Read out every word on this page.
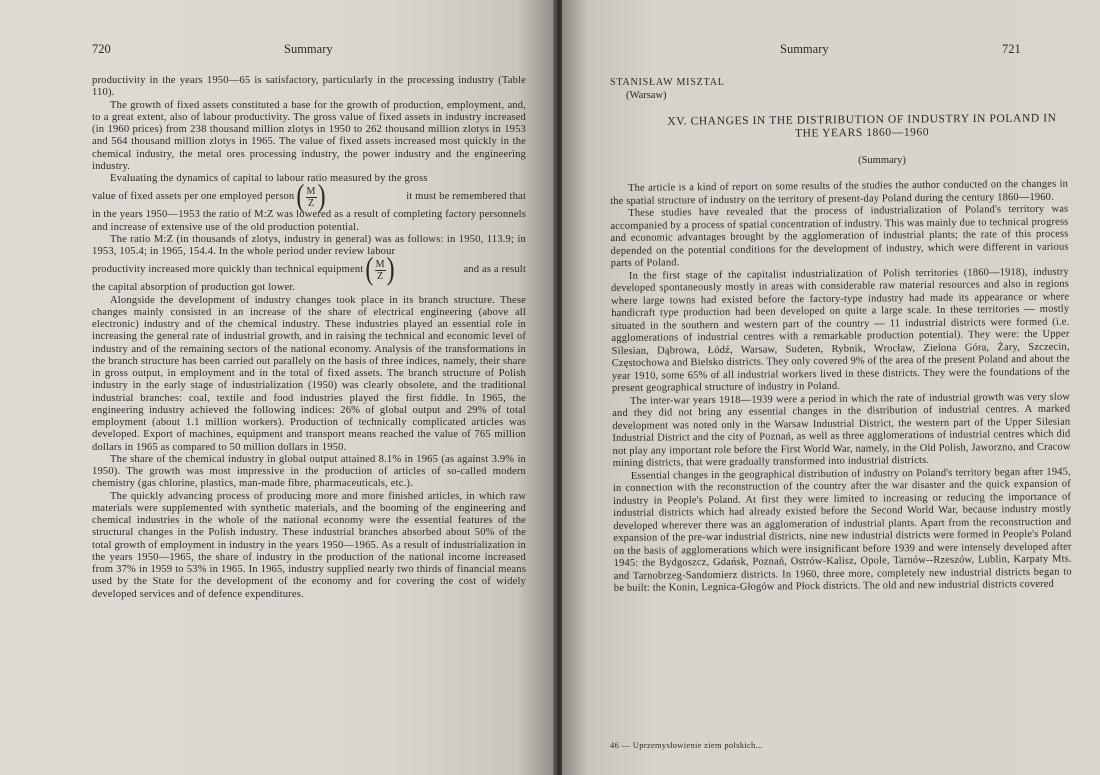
720	Summary

productivity in the years 1950—65 is satisfactory, particularly in the processing industry (Table 110).

The growth of fixed assets constituted a base for the growth of production, employment, and, to a great extent, also of labour productivity. The gross value of fixed assets in industry increased (in 1960 prices) from 238 thousand million zlotys in 1950 to 262 thousand million zlotys in 1953 and 564 thousand million zlotys in 1965. The value of fixed assets increased most quickly in the chemical industry, the metal ores processing industry, the power industry and the engineering industry.

Evaluating the dynamics of capital to labour ratio measured by the gross

value of fixed assets per one employed person ( $\frac{M}{Z}$ )	it must be remembered that

in the years 1950—1953 the ratio of M:Z was lowered as a result of completing factory personnels and increase of extensive use of the old production potential.

The ratio M:Z (in thousands of zlotys, industry in general) was as follows: in 1950, 113.9; in 1953, 105.4; in 1965, 154.4. In the whole period under review labour

productivity increased more quickly than technical equipment ( $\frac{M}{Z}$ )	and as a result

the capital absorption of production got lower.

Alongside the development of industry changes took place in its branch structure. These changes mainly consisted in an increase of the share of electrical engineering (above all electronic) industry and of the chemical industry. These industries played an essential role in increasing the general rate of industrial growth, and in raising the technical and economic level of industry and of the remaining sectors of the national economy. Analysis of the transformations in the branch structure has been carried out parallely on the basis of three indices, namely, their share in gross output, in employment and in the total of fixed assets. The branch structure of Polish industry in the early stage of industrialization (1950) was clearly obsolete, and the traditional industrial branches: coal, textile and food industries played the first fiddle. In 1965, the engineering industry achieved the following indices: 26% of global output and 29% of total employment (about 1.1 million workers). Production of technically complicated articles was developed. Export of machines, equipment and transport means reached the value of 765 million dollars in 1965 as compared to 50 million dollars in 1950.

The share of the chemical industry in global output attained 8.1% in 1965 (as against 3.9% in 1950). The growth was most impressive in the production of articles of so-called modern chemistry (gas chlorine, plastics, man-made fibre, pharmaceuticals, etc.).

The quickly advancing process of producing more and more finished articles, in which raw materials were supplemented with synthetic materials, and the booming of the engineering and chemical industries in the whole of the national economy were the essential features of the structural changes in the Polish industry. These industrial branches absorbed about 50% of the total growth of employment in industry in the years 1950—1965. As a result of industrialization in the years 1950—1965, the share of industry in the production of the national income increased from 37% in 1959 to 53% in 1965. In 1965, industry supplied nearly two thirds of financial means used by the State for the development of the economy and for covering the cost of widely developed services and of defence expenditures.

Summary	721
STANISŁAW MISZTAL
(Warsaw)
XV. CHANGES IN THE DISTRIBUTION OF INDUSTRY IN POLAND IN THE YEARS 1860—1960
(Summary)

The article is a kind of report on some results of the studies the author conducted on the changes in the spatial structure of industry on the territory of present-day Poland during the century 1860—1960.

These studies have revealed that the process of industrialization of Poland's territory was accompanied by a process of spatial concentration of industry. This was mainly due to technical progress and economic advantages brought by the agglomeration of industrial plants; the rate of this process depended on the potential conditions for the development of industry, which were different in various parts of Poland.

In the first stage of the capitalist industrialization of Polish territories (1860—1918), industry developed spontaneously mostly in areas with considerable raw material resources and also in regions where large towns had existed before the factory-type industry had made its appearance or where handicraft type production had been developed on quite a large scale. In these territories — mostly situated in the southern and western part of the country — 11 industrial districts were formed (i.e. agglomerations of industrial centres with a remarkable production potential). They were: the Upper Silesian, Dąbrowa, Łódź, Warsaw, Sudeten, Rybnik, Wrocław, Zielona Góra, Żary, Szczecin, Częstochowa and Bielsko districts. They only covered 9% of the area of the present Poland and about the year 1910, some 65% of all industrial workers lived in these districts. They were the foundations of the present geographical structure of industry in Poland.

The inter-war years 1918—1939 were a period in which the rate of industrial growth was very slow and they did not bring any essential changes in the distribution of industrial centres. A marked development was noted only in the Warsaw Industrial District, the western part of the Upper Silesian Industrial District and the city of Poznań, as well as three agglomerations of industrial centres which did not play any important role before the First World War, namely, in the Old Polish, Jaworzno, and Cracow mining districts, that were gradually transformed into industrial districts.

Essential changes in the geographical distribution of industry on Poland's territory began after 1945, in connection with the reconstruction of the country after the war disaster and the quick expansion of industry in People's Poland. At first they were limited to increasing or reducing the importance of industrial districts which had already existed before the Second World War, because industry mostly developed wherever there was an agglomeration of industrial plants. Apart from the reconstruction and expansion of the pre-war industrial districts, nine new industrial districts were formed in People's Poland on the basis of agglomerations which were insignificant before 1939 and were intensely developed after 1945: the Bydgoszcz, Gdańsk, Poznań, Ostrów-Kalisz, Opole, Tarnów--Rzeszów, Lublin, Karpaty Mts. and Tarnobrzeg-Sandomierz districts. In 1960, three more, completely new industrial districts began to be built: the Konin, Legnica-Głogów and Płock districts. The old and new industrial districts covered

46 — Uprzemysłowienie ziem polskich...
